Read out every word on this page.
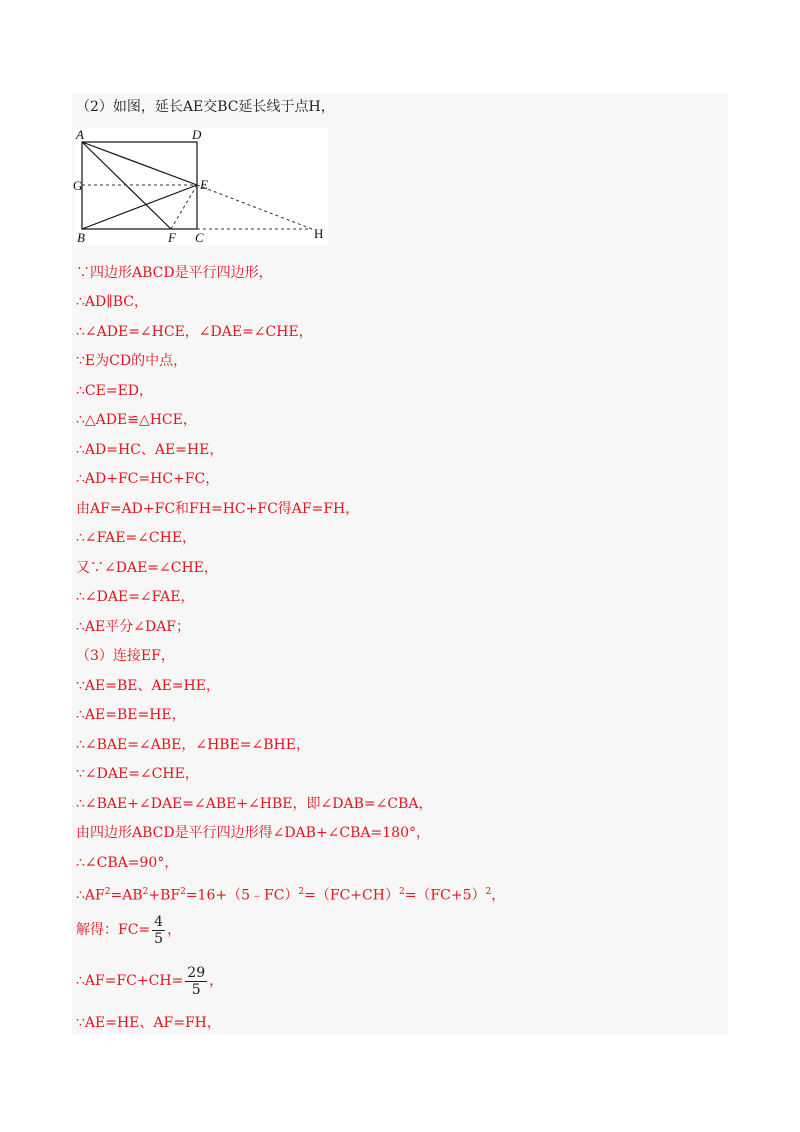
（2）如图，延长AE交BC延长线于点H，
A	D
G	E
B	F C	H
∵四边形ABCD是平行四边形，
∴AD∥BC，
∴∠ADE=∠HCE，∠DAE=∠CHE，
∵E为CD的中点，
∴CE=ED，
∴△ADE≌△HCE，
∴AD=HC、AE=HE，
∴AD+FC=HC+FC，
由AF=AD+FC和FH=HC+FC得AF=FH，
∴∠FAE=∠CHE，
又∵∠DAE=∠CHE，
∴∠DAE=∠FAE，
∴AE平分∠DAF；
（3）连接EF，
∵AE=BE、AE=HE，
∴AE=BE=HE，
∴∠BAE=∠ABE，∠HBE=∠BHE，
∵∠DAE=∠CHE，
∴∠BAE+∠DAE=∠ABE+∠HBE，即∠DAB=∠CBA，
由四边形ABCD是平行四边形得∠DAB+∠CBA=180°，
∴∠CBA=90°，
$\therefore AF^2=AB^2+BF^2=16+(5﹣FC)^2=(FC+CH)^2=(FC+5)^2$，
解得：$FC= \frac{4}{5}$ ，
∴AF=FC+CH= $\frac{29}{5}$ ，
∵AE=HE、AF=FH，
